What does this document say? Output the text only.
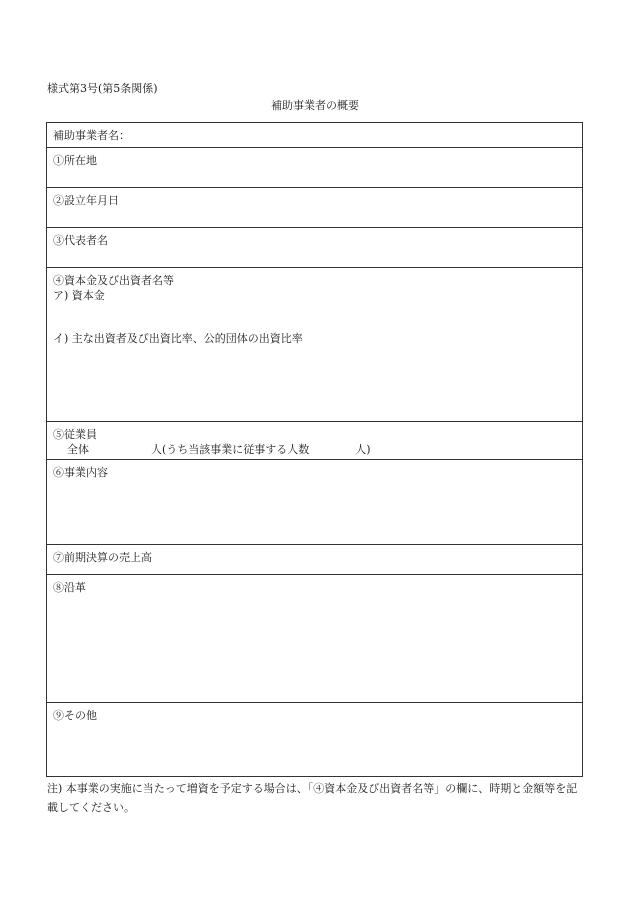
様式第3号(第5条関係)
補助事業者の概要
補助事業者名：
①所在地
②設立年月日
③代表者名
④資本金及び出資者名等
ア) 資本金
イ) 主な出資者及び出資比率、公的団体の出資比率
⑤従業員
全体	人(うち当該事業に従事する人数	人)
⑥事業内容
⑦前期決算の売上高
⑧沿革
⑨その他
注) 本事業の実施に当たって増資を予定する場合は、「④資本金及び出資者名等」の欄に、時期と金額等を記載してください。
